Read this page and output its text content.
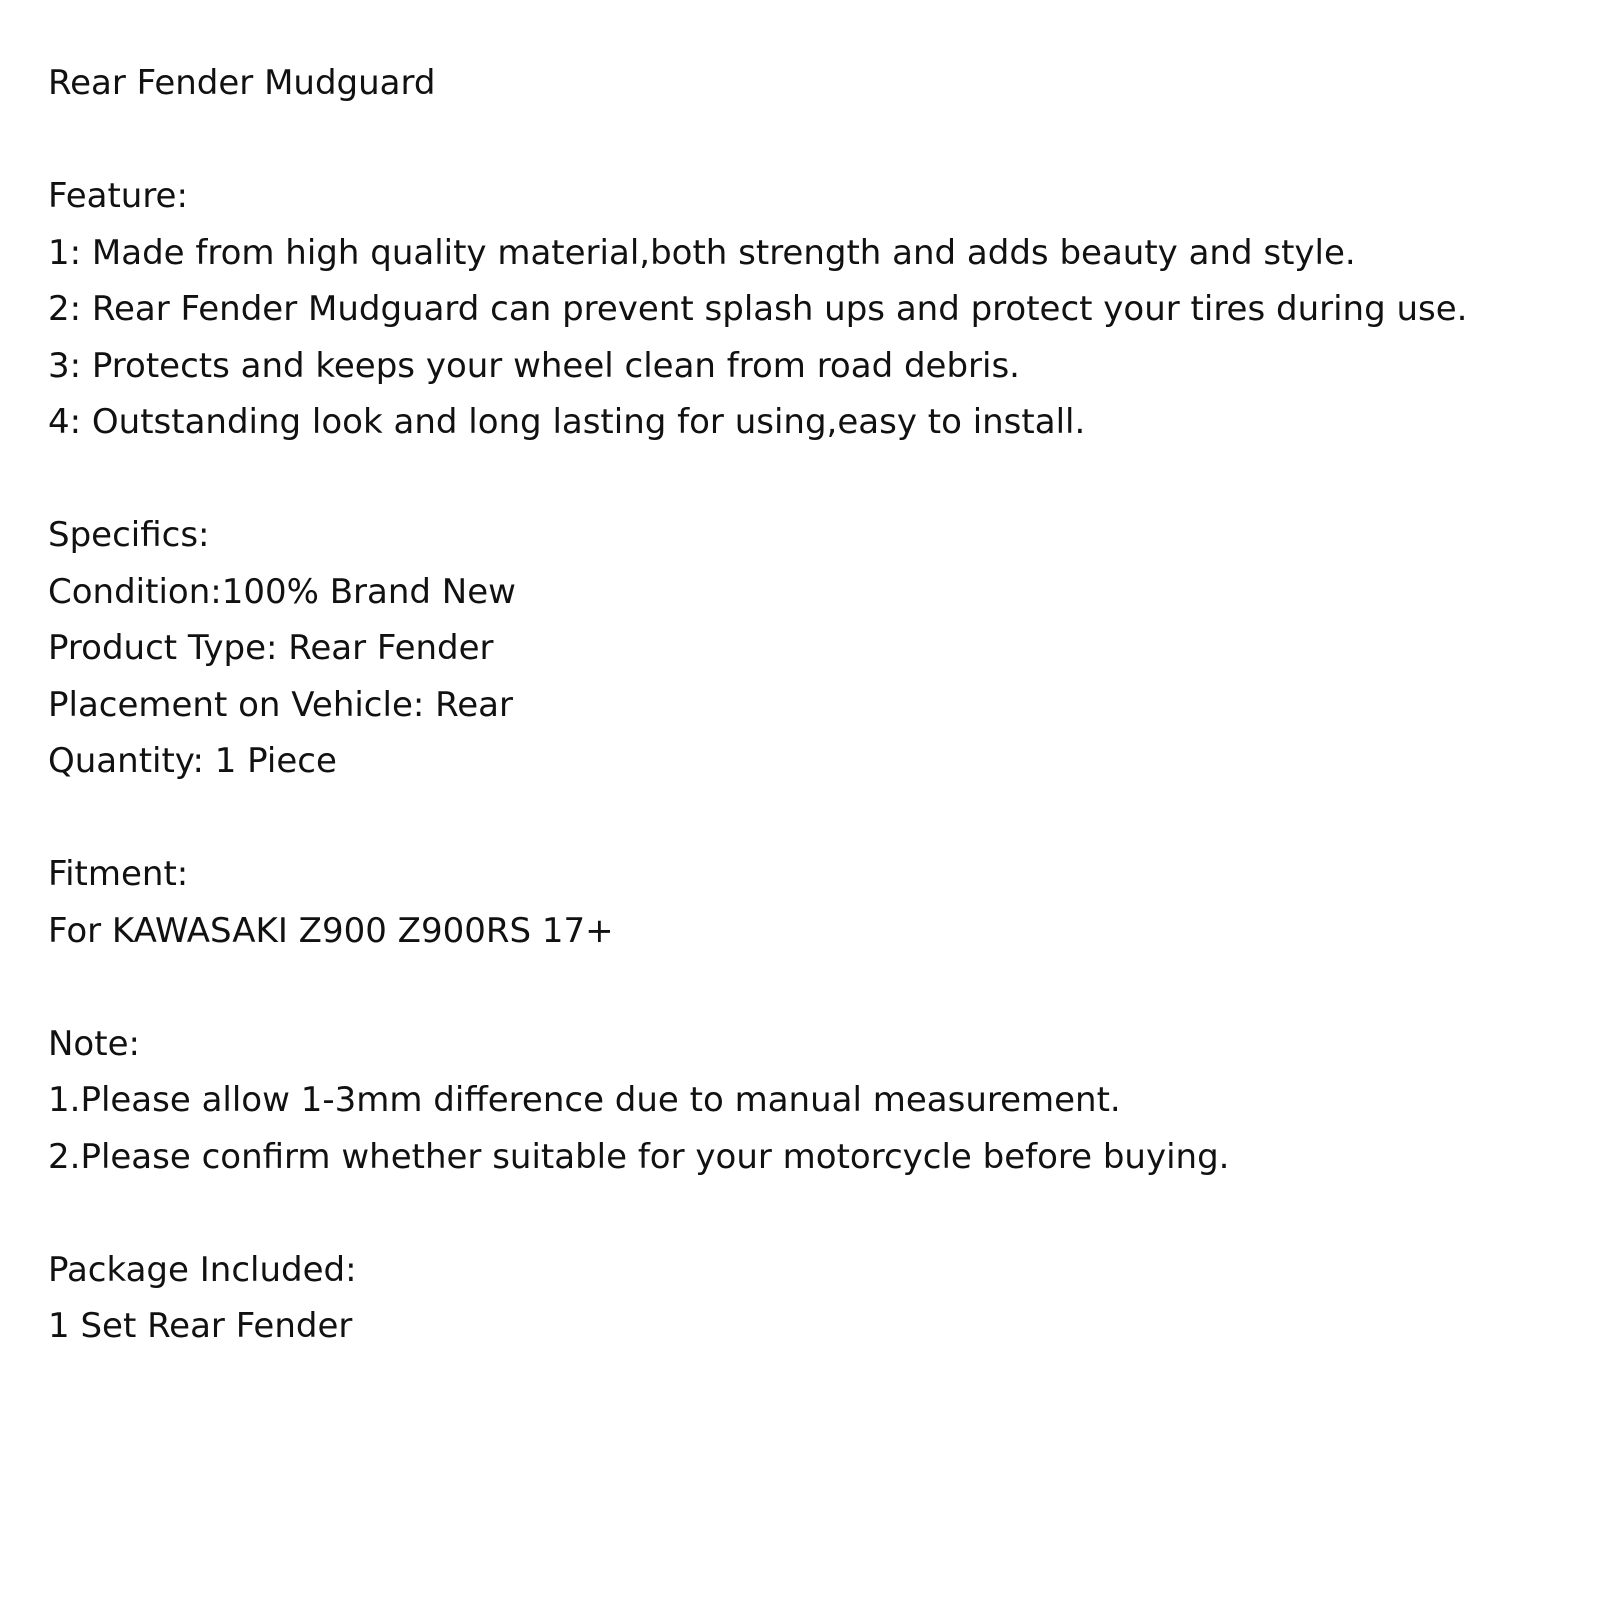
Rear Fender Mudguard
Feature:
1: Made from high quality material,both strength and adds beauty and style.
2: Rear Fender Mudguard can prevent splash ups and protect your tires during use.
3: Protects and keeps your wheel clean from road debris.
4: Outstanding look and long lasting for using,easy to install.
Specifics:
Condition:100% Brand New
Product Type: Rear Fender
Placement on Vehicle: Rear
Quantity: 1 Piece
Fitment:
For KAWASAKI Z900 Z900RS 17+
Note:
1.Please allow 1-3mm difference due to manual measurement.
2.Please confirm whether suitable for your motorcycle before buying.
Package Included:
1 Set Rear Fender
